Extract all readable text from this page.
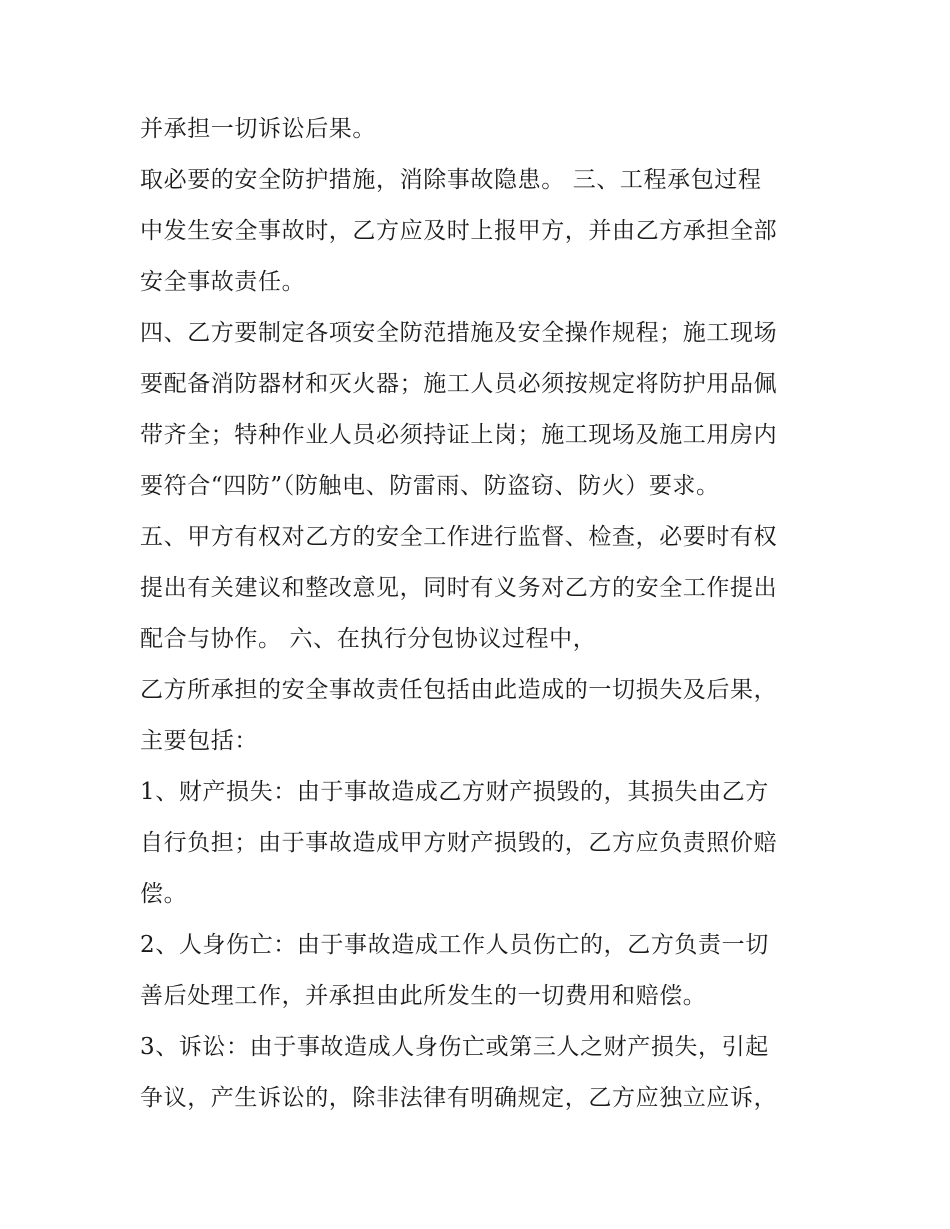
并承担一切诉讼后果。
取必要的安全防护措施，消除事故隐患。 三、工程承包过程
中发生安全事故时，乙方应及时上报甲方，并由乙方承担全部
安全事故责任。
四、乙方要制定各项安全防范措施及安全操作规程；施工现场
要配备消防器材和灭火器；施工人员必须按规定将防护用品佩
带齐全；特种作业人员必须持证上岗；施工现场及施工用房内
要符合“四防”（防触电、防雷雨、防盗窃、防火）要求。
五、甲方有权对乙方的安全工作进行监督、检查，必要时有权
提出有关建议和整改意见，同时有义务对乙方的安全工作提出
配合与协作。 六、在执行分包协议过程中，
乙方所承担的安全事故责任包括由此造成的一切损失及后果，
主要包括：
1、财产损失：由于事故造成乙方财产损毁的，其损失由乙方
自行负担；由于事故造成甲方财产损毁的，乙方应负责照价赔
偿。
2、人身伤亡：由于事故造成工作人员伤亡的，乙方负责一切
善后处理工作，并承担由此所发生的一切费用和赔偿。
3、诉讼：由于事故造成人身伤亡或第三人之财产损失，引起
争议，产生诉讼的，除非法律有明确规定，乙方应独立应诉，
